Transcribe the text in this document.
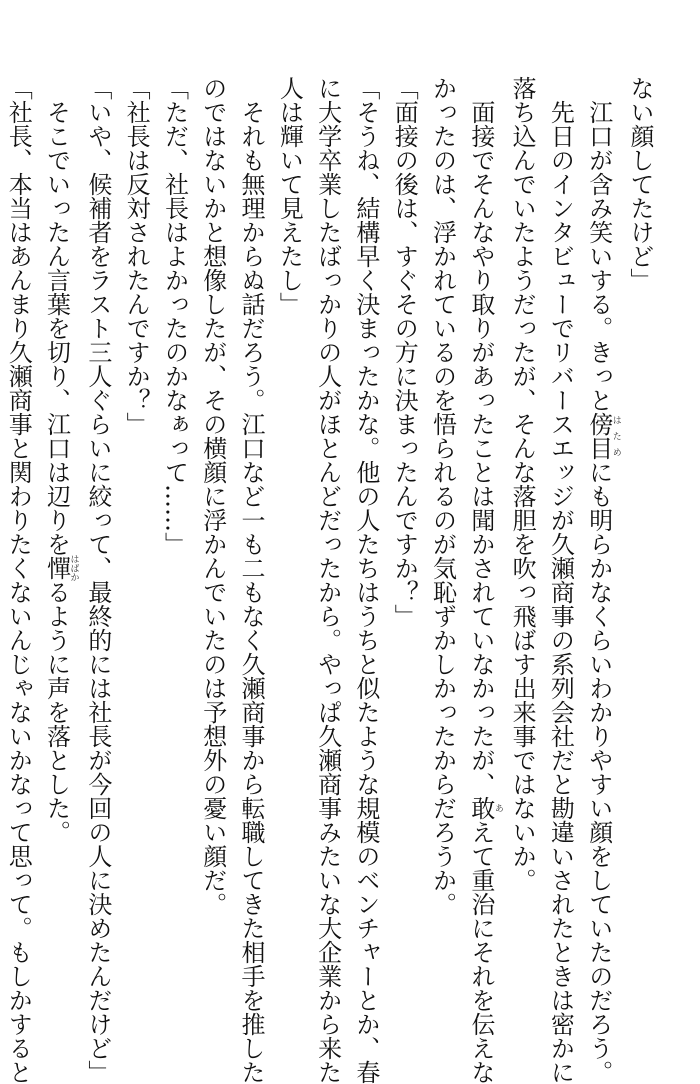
ない顔してたけど」
　江口が含み笑いする。きっと傍目はためにも明らかなくらいわかりやすい顔をしていたのだろう。
　先日のインタビューでリバースエッジが久瀬商事の系列会社だと勘違いされたときは密かに
落ち込んでいたようだったが、そんな落胆を吹っ飛ばす出来事ではないか。
　面接でそんなやり取りがあったことは聞かされていなかったが、敢あえて重治にそれを伝えな
かったのは、浮かれているのを悟られるのが気恥ずかしかったからだろうか。
「面接の後は、すぐその方に決まったんですか？」
「そうね、結構早く決まったかな。他の人たちはうちと似たような規模のベンチャーとか、春
に大学卒業したばっかりの人がほとんどだったから。やっぱ久瀬商事みたいな大企業から来た
人は輝いて見えたし」
　それも無理からぬ話だろう。江口など一も二もなく久瀬商事から転職してきた相手を推した
のではないかと想像したが、その横顔に浮かんでいたのは予想外の憂い顔だ。
「ただ、社長はよかったのかなぁって……」
「社長は反対されたんですか？」
「いや、候補者をラスト三人ぐらいに絞って、最終的には社長が今回の人に決めたんだけど」
　そこでいったん言葉を切り、江口は辺りを憚はばかるように声を落とした。
「社長、本当はあんまり久瀬商事と関わりたくないんじゃないかなって思って。もしかすると
